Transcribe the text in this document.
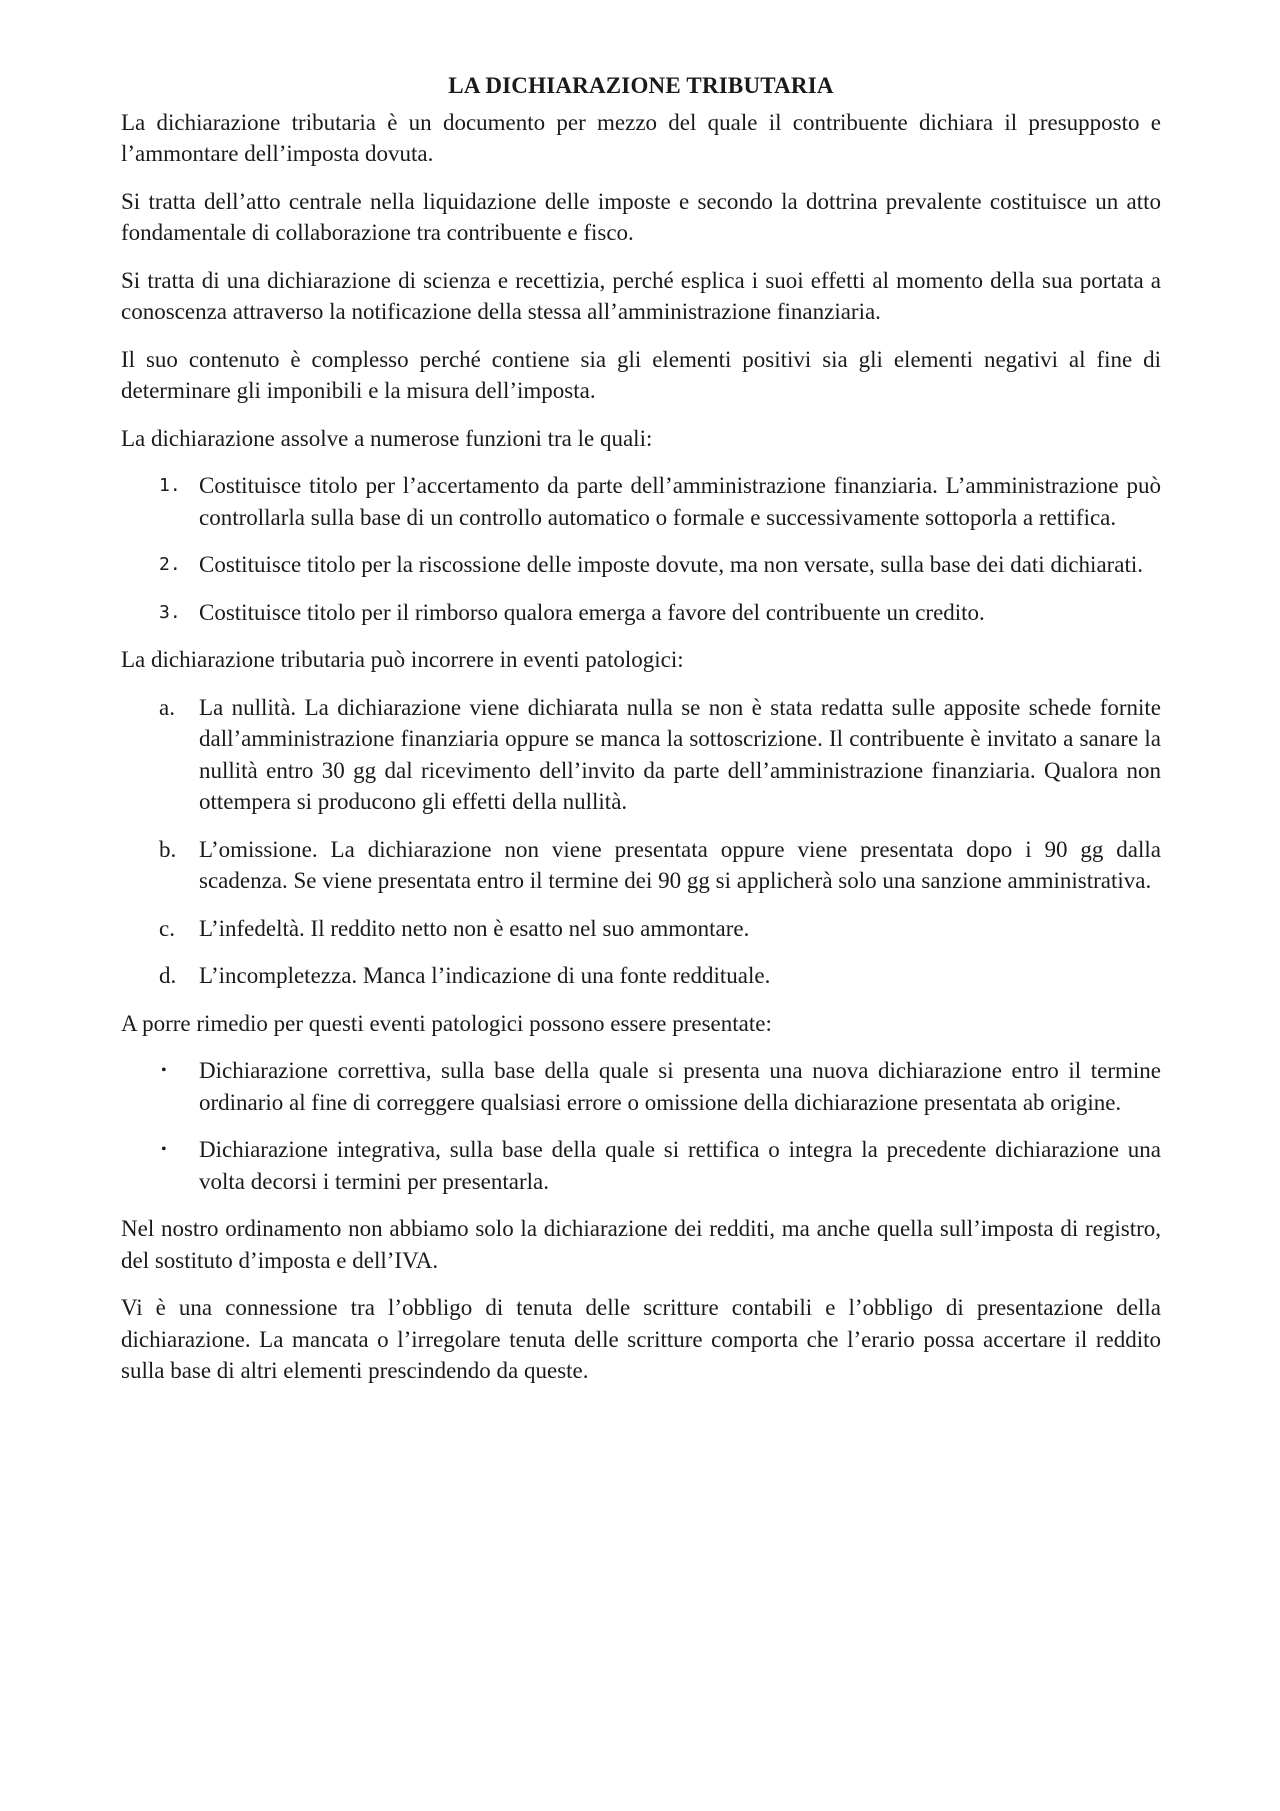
LA DICHIARAZIONE TRIBUTARIA

La dichiarazione tributaria è un documento per mezzo del quale il contribuente dichiara il presupposto e l’ammontare dell’imposta dovuta.

Si tratta dell’atto centrale nella liquidazione delle imposte e secondo la dottrina prevalente costituisce un atto fondamentale di collaborazione tra contribuente e fisco.

Si tratta di una dichiarazione di scienza e recettizia, perché esplica i suoi effetti al momento della sua portata a conoscenza attraverso la notificazione della stessa all’amministrazione finanziaria.

Il suo contenuto è complesso perché contiene sia gli elementi positivi sia gli elementi negativi al fine di determinare gli imponibili e la misura dell’imposta.

La dichiarazione assolve a numerose funzioni tra le quali:

1. Costituisce titolo per l’accertamento da parte dell’amministrazione finanziaria. L’amministrazione può controllarla sulla base di un controllo automatico o formale e successivamente sottoporla a rettifica.
2. Costituisce titolo per la riscossione delle imposte dovute, ma non versate, sulla base dei dati dichiarati.
3. Costituisce titolo per il rimborso qualora emerga a favore del contribuente un credito.

La dichiarazione tributaria può incorrere in eventi patologici:

a.	La nullità. La dichiarazione viene dichiarata nulla se non è stata redatta sulle apposite schede fornite dall’amministrazione finanziaria oppure se manca la sottoscrizione. Il contribuente è invitato a sanare la nullità entro 30 gg dal ricevimento dell’invito da parte dell’amministrazione finanziaria. Qualora non ottempera si producono gli effetti della nullità.
b. L’omissione. La dichiarazione non viene presentata oppure viene presentata dopo i 90 gg dalla scadenza. Se viene presentata entro il termine dei 90 gg si applicherà solo una sanzione amministrativa.
c.	L’infedeltà. Il reddito netto non è esatto nel suo ammontare.
d. L’incompletezza. Manca l’indicazione di una fonte reddituale.

A porre rimedio per questi eventi patologici possono essere presentate:

•	Dichiarazione correttiva, sulla base della quale si presenta una nuova dichiarazione entro il termine ordinario al fine di correggere qualsiasi errore o omissione della dichiarazione presentata ab origine.
•	Dichiarazione integrativa, sulla base della quale si rettifica o integra la precedente dichiarazione una volta decorsi i termini per presentarla.

Nel nostro ordinamento non abbiamo solo la dichiarazione dei redditi, ma anche quella sull’imposta di registro, del sostituto d’imposta e dell’IVA.

Vi è una connessione tra l’obbligo di tenuta delle scritture contabili e l’obbligo di presentazione della dichiarazione. La mancata o l’irregolare tenuta delle scritture comporta che l’erario possa accertare il reddito sulla base di altri elementi prescindendo da queste.
